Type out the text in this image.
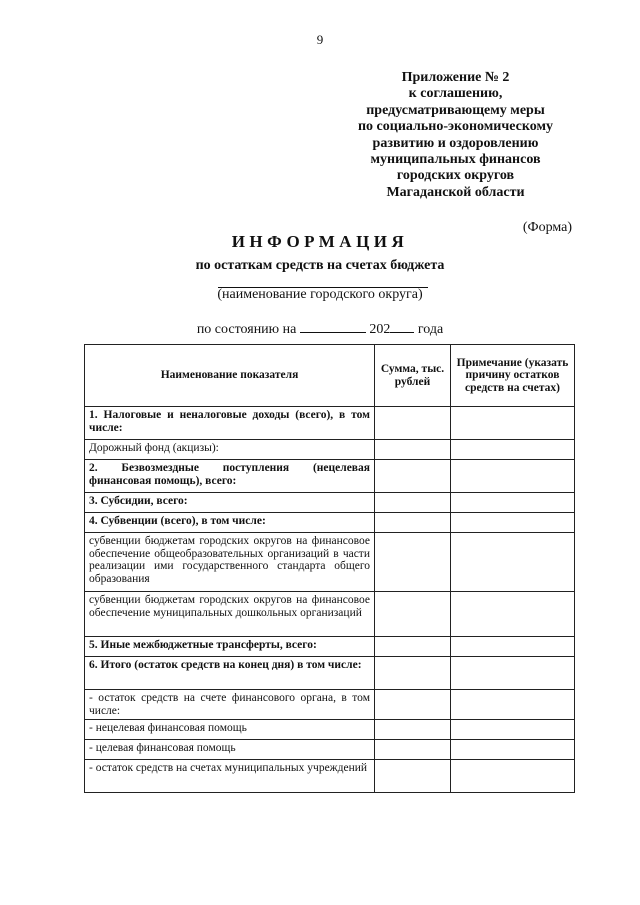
9
Приложение № 2
к соглашению,
предусматривающему меры
по социально-экономическому
развитию и оздоровлению
муниципальных финансов
городских округов
Магаданской области
(Форма)
ИНФОРМАЦИЯ
по остаткам средств на счетах бюджета
(наименование городского округа)
по состоянию на	202 года
Наименование показателя	Сумма, тыс. рублей	Примечание (указать причину остатков средств на счетах)
1. Налоговые и неналоговые доходы (всего), в том числе:		
Дорожный фонд (акцизы):		
2. Безвозмездные поступления (нецелевая финансовая помощь), всего:		
3. Субсидии, всего:		
4. Субвенции (всего), в том числе:		
субвенции бюджетам городских округов на финансовое обеспечение общеобразовательных организаций в части реализации ими государственного стандарта общего образования		
субвенции бюджетам городских округов на финансовое обеспечение муниципальных дошкольных организаций		
5. Иные межбюджетные трансферты, всего:		
6. Итого (остаток средств на конец дня) в том числе:		
- остаток средств на счете финансового органа, в том числе:		
- нецелевая финансовая помощь		
- целевая финансовая помощь		
- остаток средств на счетах муниципальных учреждений		
